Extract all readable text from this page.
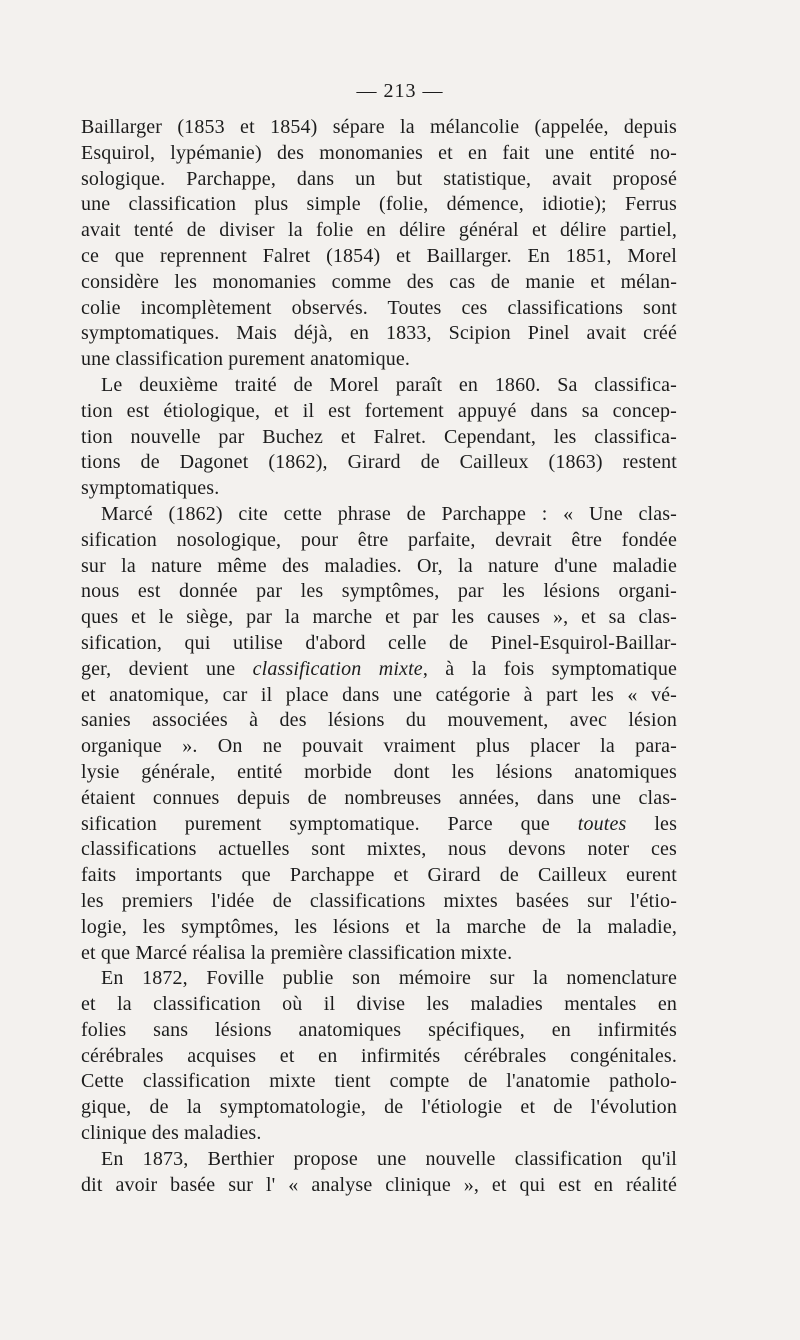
— 213 —
Baillarger (1853 et 1854) sépare la mélancolie (appelée, depuis
Esquirol, lypémanie) des monomanies et en fait une entité no-
sologique. Parchappe, dans un but statistique, avait proposé
une classification plus simple (folie, démence, idiotie); Ferrus
avait tenté de diviser la folie en délire général et délire partiel,
ce que reprennent Falret (1854) et Baillarger. En 1851, Morel
considère les monomanies comme des cas de manie et mélan-
colie incomplètement observés. Toutes ces classifications sont
symptomatiques. Mais déjà, en 1833, Scipion Pinel avait créé
une classification purement anatomique.
Le deuxième traité de Morel paraît en 1860. Sa classifica-
tion est étiologique, et il est fortement appuyé dans sa concep-
tion nouvelle par Buchez et Falret. Cependant, les classifica-
tions de Dagonet (1862), Girard de Cailleux (1863) restent
symptomatiques.
Marcé (1862) cite cette phrase de Parchappe : « Une clas-
sification nosologique, pour être parfaite, devrait être fondée
sur la nature même des maladies. Or, la nature d'une maladie
nous est donnée par les symptômes, par les lésions organi-
ques et le siège, par la marche et par les causes », et sa clas-
sification, qui utilise d'abord celle de Pinel-Esquirol-Baillar-
ger, devient une classification mixte, à la fois symptomatique
et anatomique, car il place dans une catégorie à part les « vé-
sanies associées à des lésions du mouvement, avec lésion
organique ». On ne pouvait vraiment plus placer la para-
lysie générale, entité morbide dont les lésions anatomiques
étaient connues depuis de nombreuses années, dans une clas-
sification purement symptomatique. Parce que toutes les
classifications actuelles sont mixtes, nous devons noter ces
faits importants que Parchappe et Girard de Cailleux eurent
les premiers l'idée de classifications mixtes basées sur l'étio-
logie, les symptômes, les lésions et la marche de la maladie,
et que Marcé réalisa la première classification mixte.
En 1872, Foville publie son mémoire sur la nomenclature
et la classification où il divise les maladies mentales en
folies sans lésions anatomiques spécifiques, en infirmités
cérébrales acquises et en infirmités cérébrales congénitales.
Cette classification mixte tient compte de l'anatomie patholo-
gique, de la symptomatologie, de l'étiologie et de l'évolution
clinique des maladies.
En 1873, Berthier propose une nouvelle classification qu'il
dit avoir basée sur l' « analyse clinique », et qui est en réalité
